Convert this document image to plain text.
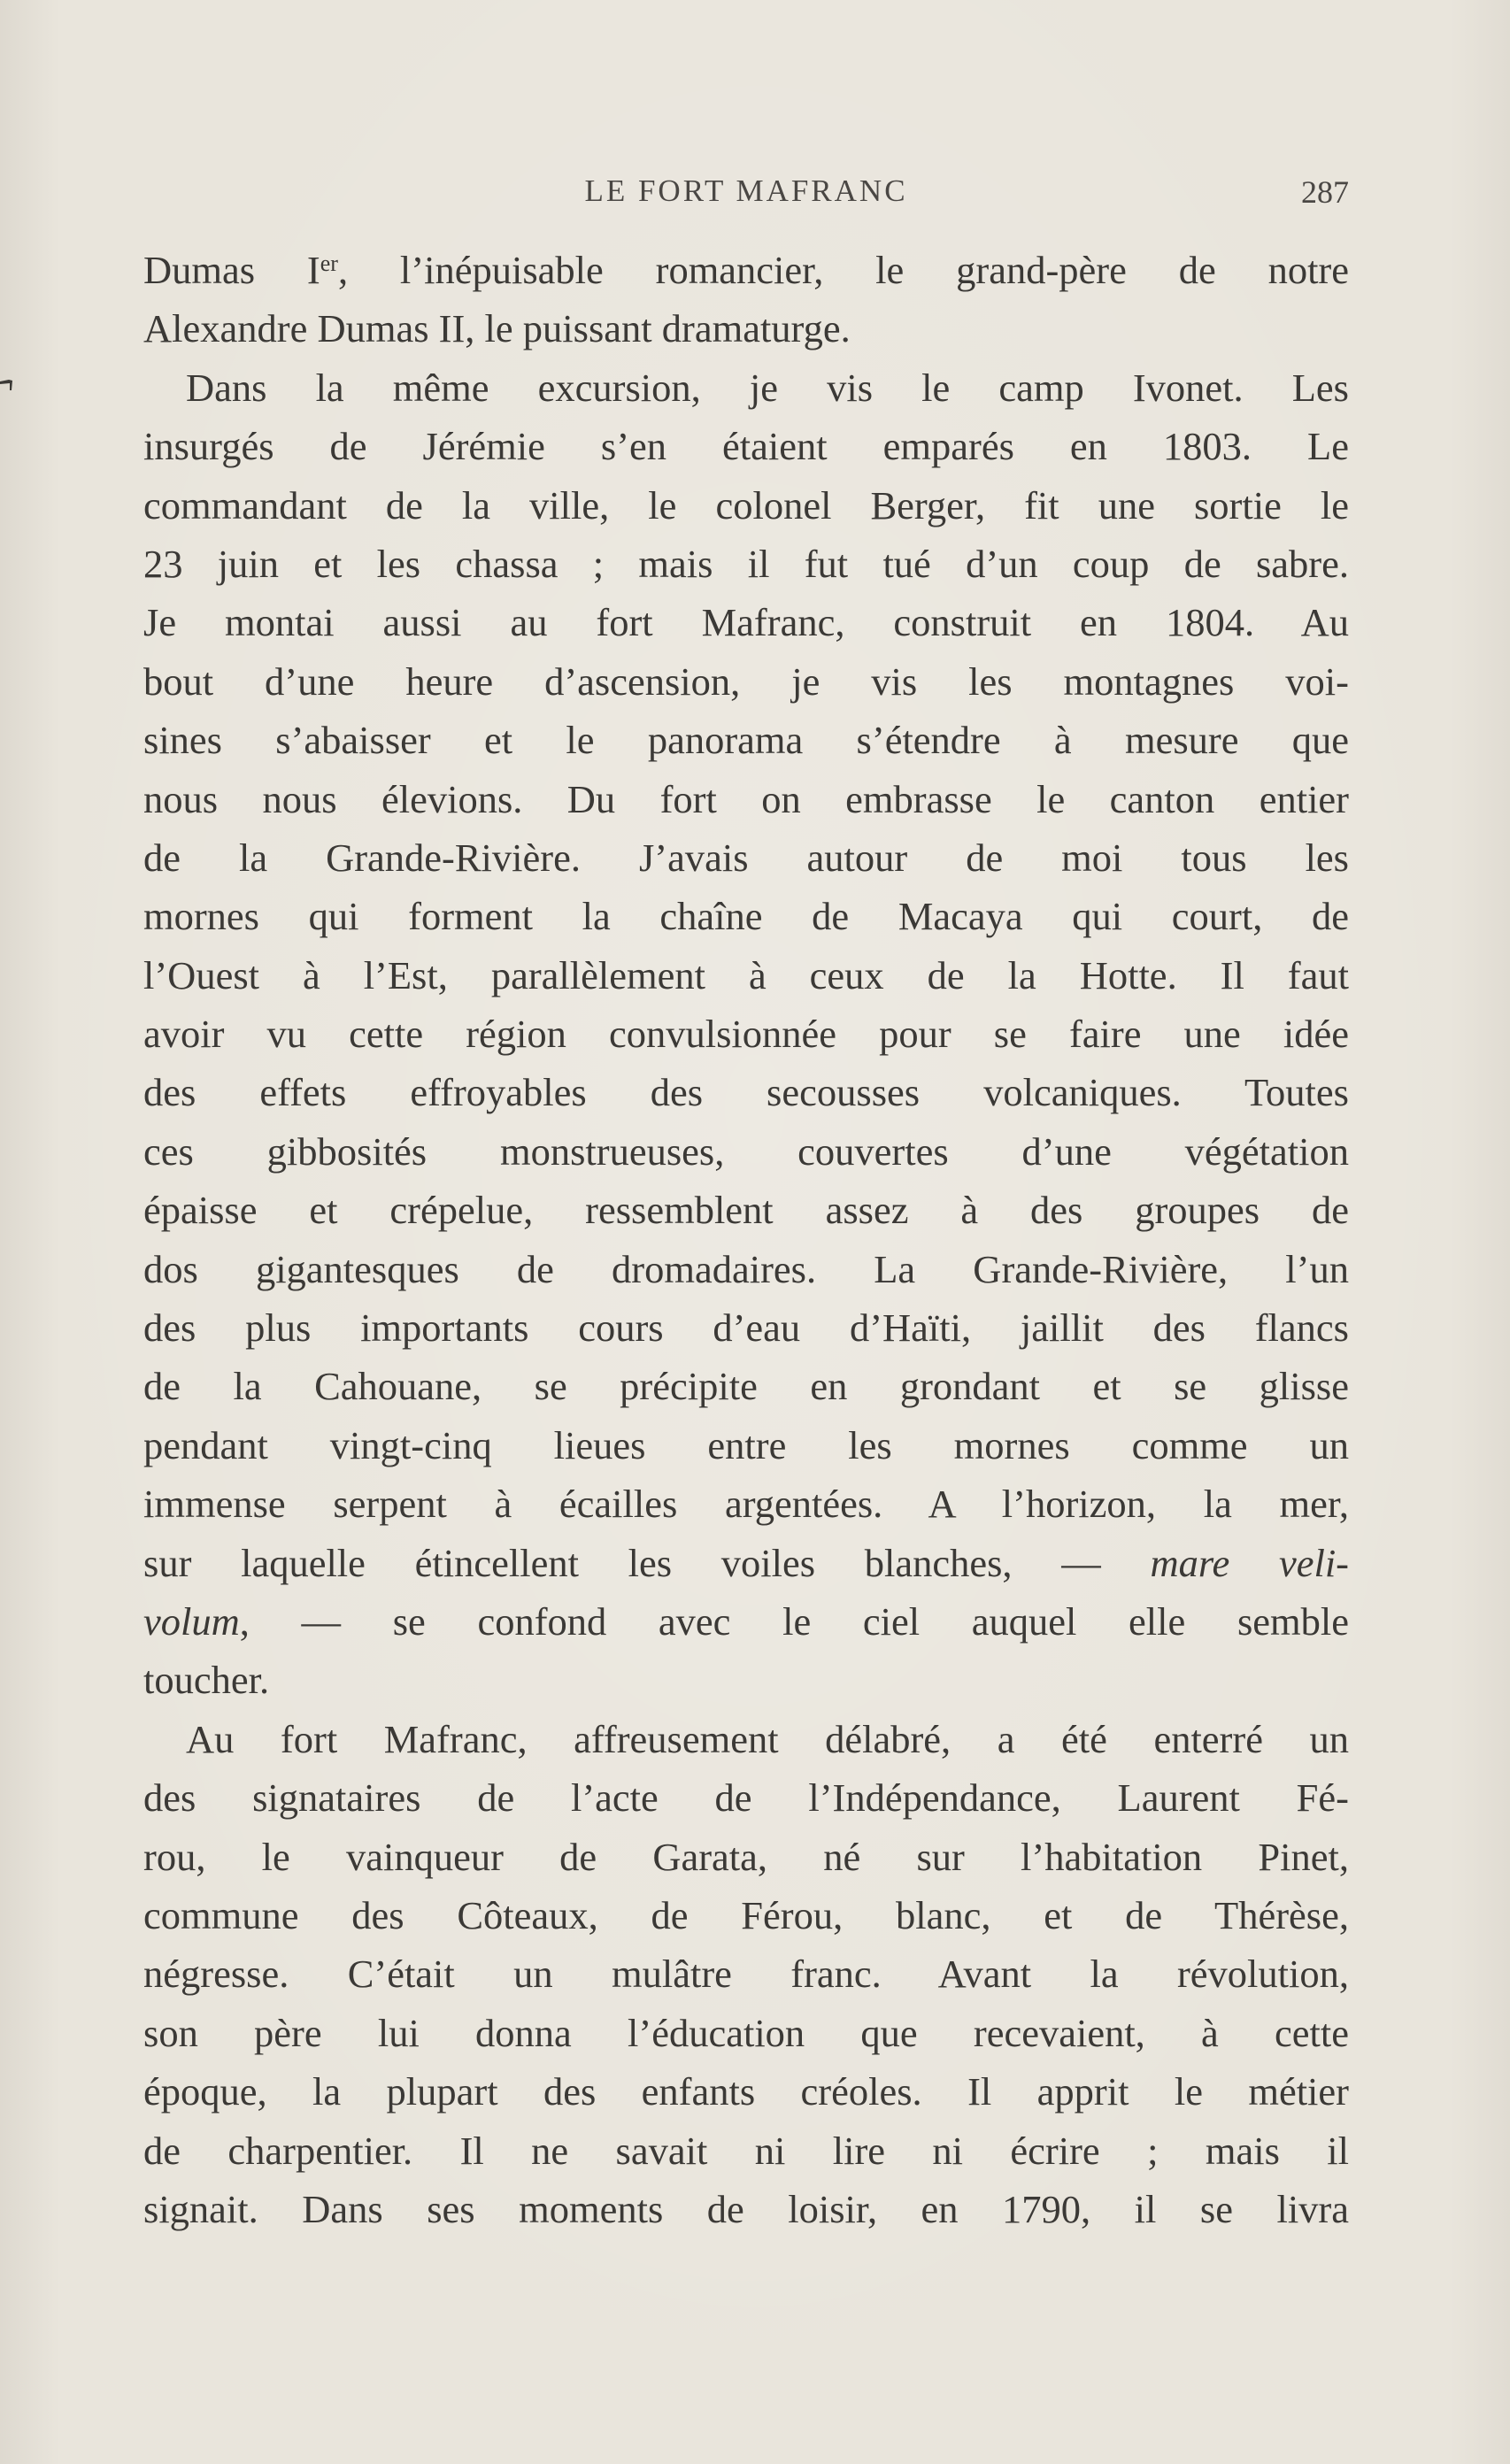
LE FORT MAFRANC	287
Dumas Ier, l’inépuisable romancier, le grand-père de notre
Alexandre Dumas II, le puissant dramaturge.
Dans la même excursion, je vis le camp Ivonet. Les
insurgés de Jérémie s’en étaient emparés en 1803. Le
commandant de la ville, le colonel Berger, fit une sortie le
23 juin et les chassa ; mais il fut tué d’un coup de sabre.
Je montai aussi au fort Mafranc, construit en 1804. Au
bout d’une heure d’ascension, je vis les montagnes voi-
sines s’abaisser et le panorama s’étendre à mesure que
nous nous élevions. Du fort on embrasse le canton entier
de la Grande-Rivière. J’avais autour de moi tous les
mornes qui forment la chaîne de Macaya qui court, de
l’Ouest à l’Est, parallèlement à ceux de la Hotte. Il faut
avoir vu cette région convulsionnée pour se faire une idée
des effets effroyables des secousses volcaniques. Toutes
ces gibbosités monstrueuses, couvertes d’une végétation
épaisse et crépelue, ressemblent assez à des groupes de
dos gigantesques de dromadaires. La Grande-Rivière, l’un
des plus importants cours d’eau d’Haïti, jaillit des flancs
de la Cahouane, se précipite en grondant et se glisse
pendant vingt-cinq lieues entre les mornes comme un
immense serpent à écailles argentées. A l’horizon, la mer,
sur laquelle étincellent les voiles blanches, — mare veli-
volum, — se confond avec le ciel auquel elle semble
toucher.
Au fort Mafranc, affreusement délabré, a été enterré un
des signataires de l’acte de l’Indépendance, Laurent Fé-
rou, le vainqueur de Garata, né sur l’habitation Pinet,
commune des Côteaux, de Férou, blanc, et de Thérèse,
négresse. C’était un mulâtre franc. Avant la révolution,
son père lui donna l’éducation que recevaient, à cette
époque, la plupart des enfants créoles. Il apprit le métier
de charpentier. Il ne savait ni lire ni écrire ; mais il
signait. Dans ses moments de loisir, en 1790, il se livra
